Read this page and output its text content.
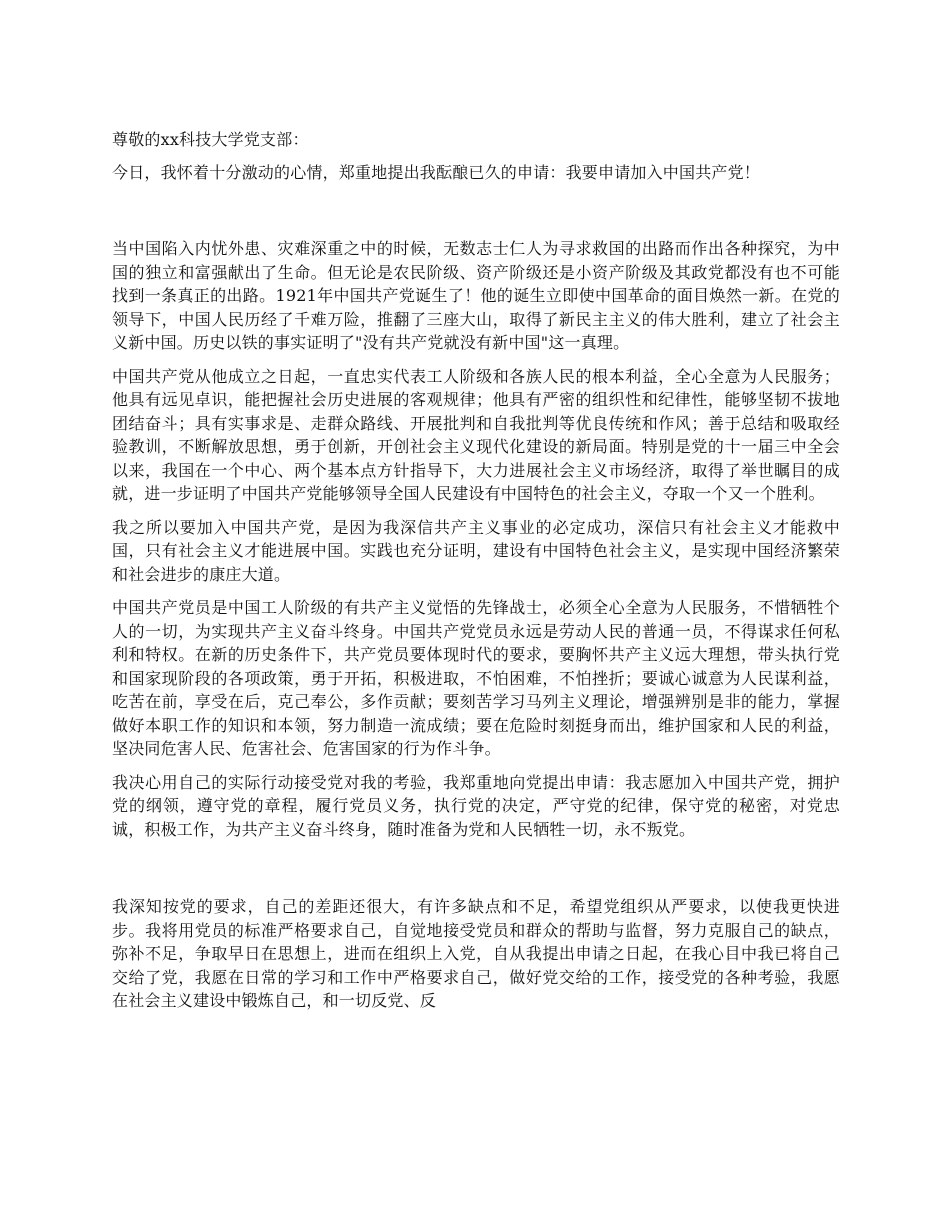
尊敬的xx科技大学党支部：

今日，我怀着十分激动的心情，郑重地提出我酝酿已久的申请：我要申请加入中国共产党！

当中国陷入内忧外患、灾难深重之中的时候，无数志士仁人为寻求救国的出路而作出各种探究，为中国的独立和富强献出了生命。但无论是农民阶级、资产阶级还是小资产阶级及其政党都没有也不可能找到一条真正的出路。1921年中国共产党诞生了！他的诞生立即使中国革命的面目焕然一新。在党的领导下，中国人民历经了千难万险，推翻了三座大山，取得了新民主主义的伟大胜利，建立了社会主义新中国。历史以铁的事实证明了"没有共产党就没有新中国"这一真理。

中国共产党从他成立之日起，一直忠实代表工人阶级和各族人民的根本利益，全心全意为人民服务；他具有远见卓识，能把握社会历史进展的客观规律；他具有严密的组织性和纪律性，能够坚韧不拔地团结奋斗；具有实事求是、走群众路线、开展批判和自我批判等优良传统和作风；善于总结和吸取经验教训，不断解放思想，勇于创新，开创社会主义现代化建设的新局面。特别是党的十一届三中全会以来，我国在一个中心、两个基本点方针指导下，大力进展社会主义市场经济，取得了举世瞩目的成就，进一步证明了中国共产党能够领导全国人民建设有中国特色的社会主义，夺取一个又一个胜利。

我之所以要加入中国共产党，是因为我深信共产主义事业的必定成功，深信只有社会主义才能救中国，只有社会主义才能进展中国。实践也充分证明，建设有中国特色社会主义，是实现中国经济繁荣和社会进步的康庄大道。

中国共产党员是中国工人阶级的有共产主义觉悟的先锋战士，必须全心全意为人民服务，不惜牺牲个人的一切，为实现共产主义奋斗终身。中国共产党党员永远是劳动人民的普通一员，不得谋求任何私利和特权。在新的历史条件下，共产党员要体现时代的要求，要胸怀共产主义远大理想，带头执行党和国家现阶段的各项政策，勇于开拓，积极进取，不怕困难，不怕挫折；要诚心诚意为人民谋利益，吃苦在前，享受在后，克己奉公，多作贡献；要刻苦学习马列主义理论，增强辨别是非的能力，掌握做好本职工作的知识和本领，努力制造一流成绩；要在危险时刻挺身而出，维护国家和人民的利益，坚决同危害人民、危害社会、危害国家的行为作斗争。

我决心用自己的实际行动接受党对我的考验，我郑重地向党提出申请：我志愿加入中国共产党，拥护党的纲领，遵守党的章程，履行党员义务，执行党的决定，严守党的纪律，保守党的秘密，对党忠诚，积极工作，为共产主义奋斗终身，随时准备为党和人民牺牲一切，永不叛党。

我深知按党的要求，自己的差距还很大，有许多缺点和不足，希望党组织从严要求，以使我更快进步。我将用党员的标准严格要求自己，自觉地接受党员和群众的帮助与监督，努力克服自己的缺点，弥补不足，争取早日在思想上，进而在组织上入党，自从我提出申请之日起，在我心目中我已将自己交给了党，我愿在日常的学习和工作中严格要求自己，做好党交给的工作，接受党的各种考验，我愿在社会主义建设中锻炼自己，和一切反党、反
